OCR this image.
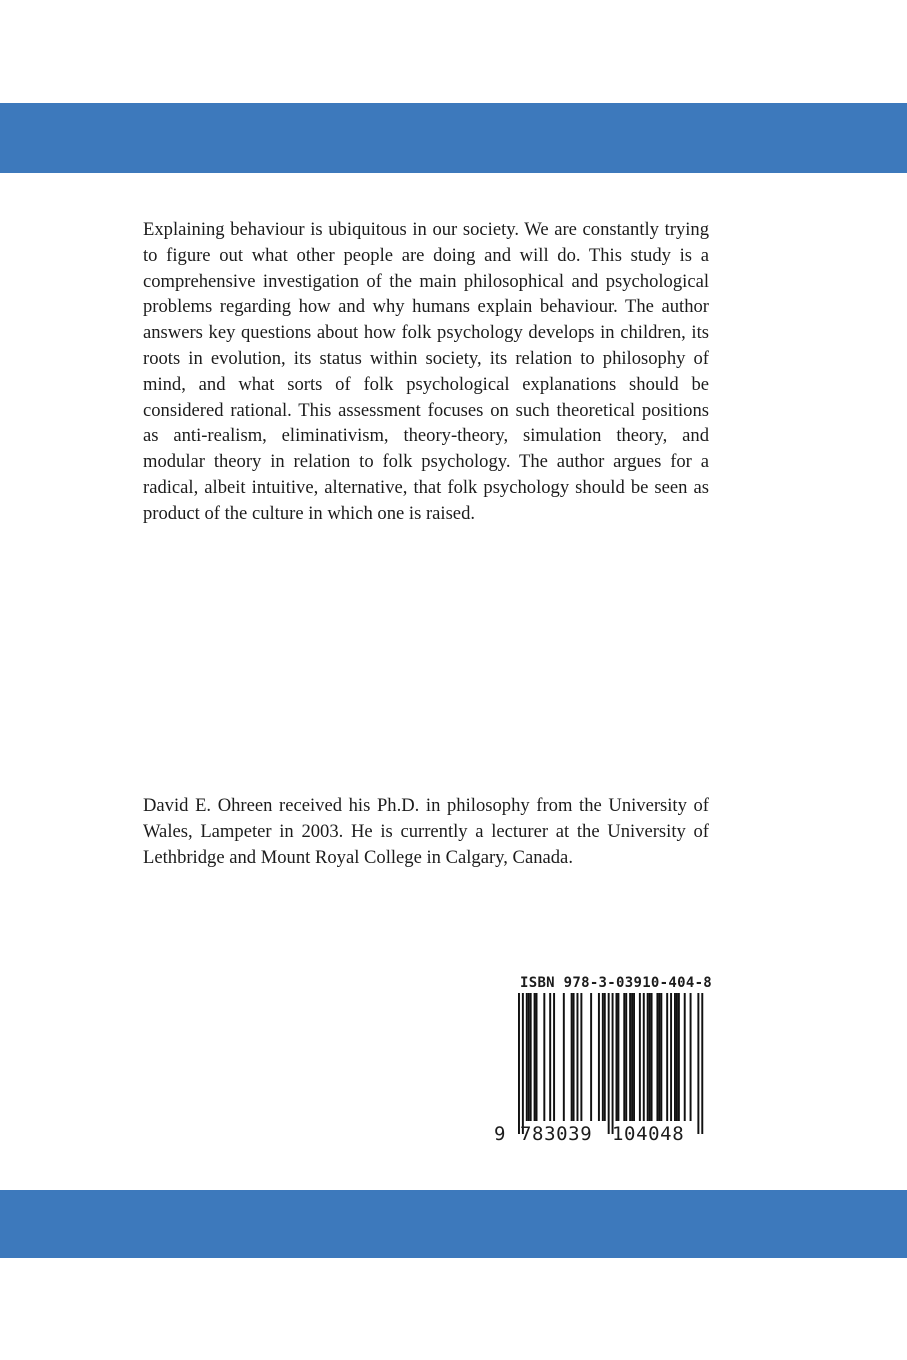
Explaining behaviour is ubiquitous in our society. We are constantly trying to figure out what other people are doing and will do. This study is a comprehensive investigation of the main philosophical and psychological problems regarding how and why humans explain behaviour. The author answers key questions about how folk psychology develops in children, its roots in evolution, its status within society, its relation to philosophy of mind, and what sorts of folk psychological explanations should be considered rational. This assessment focuses on such theoretical positions as anti-realism, eliminativism, theory-theory, simulation theory, and modular theory in relation to folk psychology. The author argues for a radical, albeit intuitive, alternative, that folk psychology should be seen as product of the culture in which one is raised.

David E. Ohreen received his Ph.D. in philosophy from the University of Wales, Lampeter in 2003. He is currently a lecturer at the University of Lethbridge and Mount Royal College in Calgary, Canada.

ISBN 978-3-03910-404-8
9 783039 104048
